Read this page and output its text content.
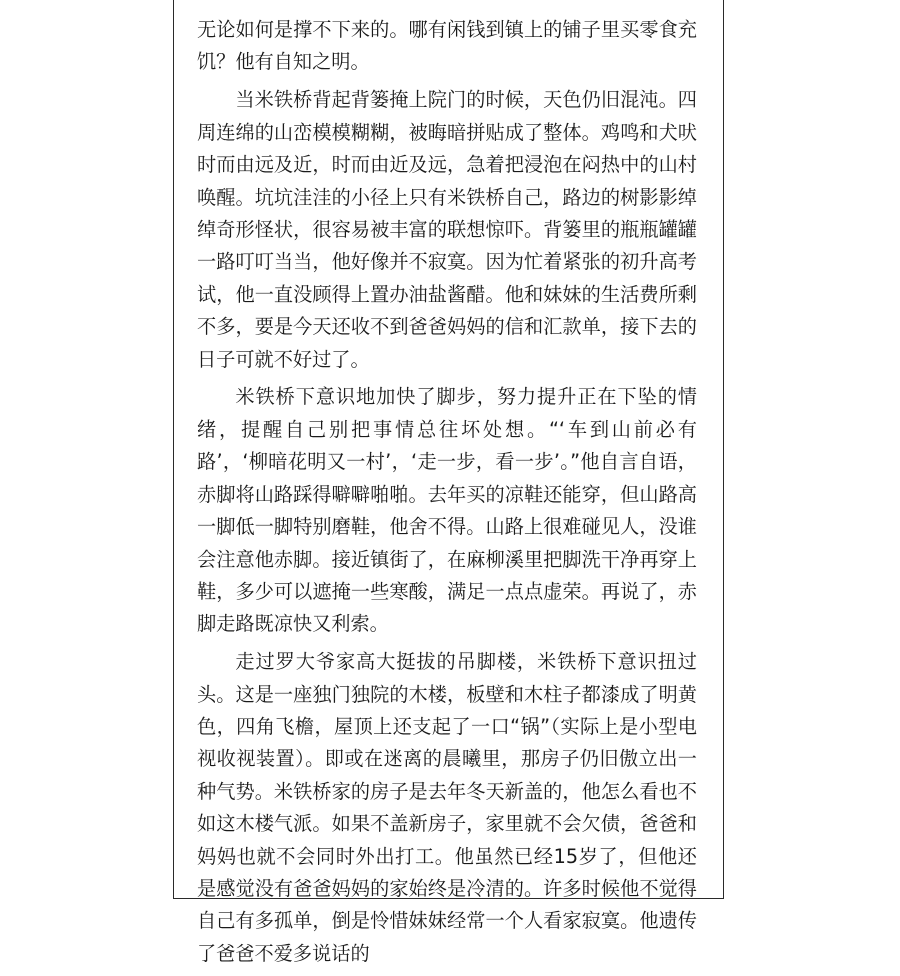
无论如何是撑不下来的。哪有闲钱到镇上的铺子里买零食充饥？他有自知之明。

当米铁桥背起背篓掩上院门的时候，天色仍旧混沌。四周连绵的山峦模模糊糊，被晦暗拼贴成了整体。鸡鸣和犬吠时而由远及近，时而由近及远，急着把浸泡在闷热中的山村唤醒。坑坑洼洼的小径上只有米铁桥自己，路边的树影影绰绰奇形怪状，很容易被丰富的联想惊吓。背篓里的瓶瓶罐罐一路叮叮当当，他好像并不寂寞。因为忙着紧张的初升高考试，他一直没顾得上置办油盐酱醋。他和妹妹的生活费所剩不多，要是今天还收不到爸爸妈妈的信和汇款单，接下去的日子可就不好过了。

米铁桥下意识地加快了脚步，努力提升正在下坠的情绪，提醒自己别把事情总往坏处想。“‘车到山前必有路’，‘柳暗花明又一村’，‘走一步，看一步’。”他自言自语，赤脚将山路踩得噼噼啪啪。去年买的凉鞋还能穿，但山路高一脚低一脚特别磨鞋，他舍不得。山路上很难碰见人，没谁会注意他赤脚。接近镇街了，在麻柳溪里把脚洗干净再穿上鞋，多少可以遮掩一些寒酸，满足一点点虚荣。再说了，赤脚走路既凉快又利索。

走过罗大爷家高大挺拔的吊脚楼，米铁桥下意识扭过头。这是一座独门独院的木楼，板壁和木柱子都漆成了明黄色，四角飞檐，屋顶上还支起了一口“锅”（实际上是小型电视收视装置）。即或在迷离的晨曦里，那房子仍旧傲立出一种气势。米铁桥家的房子是去年冬天新盖的，他怎么看也不如这木楼气派。如果不盖新房子，家里就不会欠债，爸爸和妈妈也就不会同时外出打工。他虽然已经15岁了，但他还是感觉没有爸爸妈妈的家始终是冷清的。许多时候他不觉得自己有多孤单，倒是怜惜妹妹经常一个人看家寂寞。他遗传了爸爸不爱多说话的
